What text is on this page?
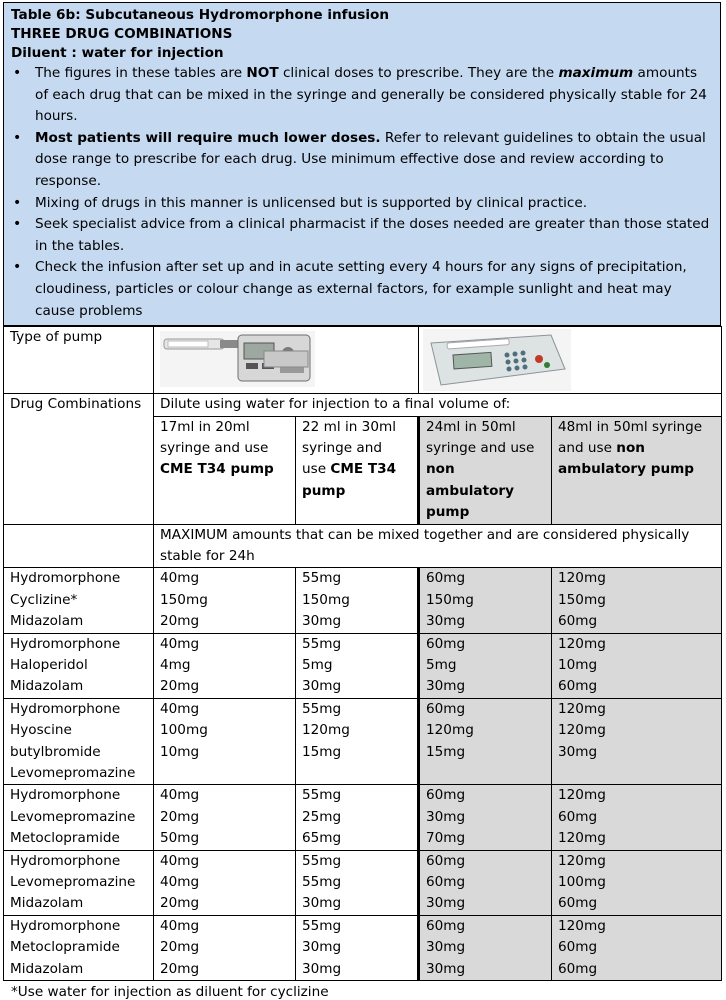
Table 6b: Subcutaneous Hydromorphone infusion
THREE DRUG COMBINATIONS
Diluent : water for injection
• The figures in these tables are NOT clinical doses to prescribe. They are the maximum amounts of each drug that can be mixed in the syringe and generally be considered physically stable for 24 hours.
• Most patients will require much lower doses. Refer to relevant guidelines to obtain the usual dose range to prescribe for each drug. Use minimum effective dose and review according to response.
• Mixing of drugs in this manner is unlicensed but is supported by clinical practice.
• Seek specialist advice from a clinical pharmacist if the doses needed are greater than those stated in the tables.
• Check the infusion after set up and in acute setting every 4 hours for any signs of precipitation, cloudiness, particles or colour change as external factors, for example sunlight and heat may cause problems
Type of pump	

Drug Combinations	Dilute using water for injection to a final volume of:			

	17ml in 20ml
syringe and use
CME T34 pump	22 ml in 30ml
syringe and
use CME T34
pump	24ml in 50ml
syringe and use
non ambulatory
pump	48ml in 50ml syringe
and use non
ambulatory pump

	MAXIMUM amounts that can be mixed together and are considered physically stable for 24h			

Hydromorphone
Cyclizine*
Midazolam	40mg
150mg
20mg	55mg
150mg
30mg	60mg
150mg
30mg	120mg
150mg
60mg

Hydromorphone
Haloperidol
Midazolam	40mg
4mg
20mg	55mg
5mg
30mg	60mg
5mg
30mg	120mg
10mg
60mg

Hydromorphone
Hyoscine
butylbromide
Levomepromazine	40mg
100mg
10mg	55mg
120mg
15mg	60mg
120mg
15mg	120mg
120mg
30mg

Hydromorphone
Levomepromazine
Metoclopramide	40mg
20mg
50mg	55mg
25mg
65mg	60mg
30mg
70mg	120mg
60mg
120mg

Hydromorphone
Levomepromazine
Midazolam	40mg
40mg
20mg	55mg
55mg
30mg	60mg
60mg
30mg	120mg
100mg
60mg

Hydromorphone
Metoclopramide
Midazolam	40mg
20mg
20mg	55mg
30mg
30mg	60mg
30mg
30mg	120mg
60mg
60mg
*Use water for injection as diluent for cyclizine
